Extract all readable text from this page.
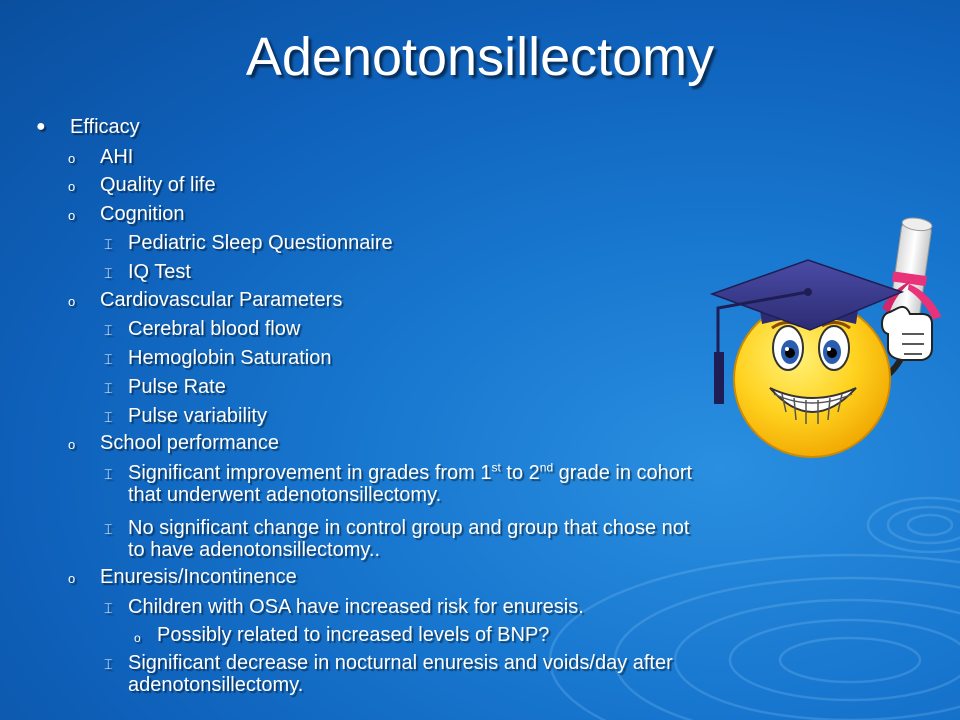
Adenotonsillectomy
● Efficacy
o AHI
o Quality of life
o Cognition
⌶ Pediatric Sleep Questionnaire
⌶ IQ Test
o Cardiovascular Parameters
⌶ Cerebral blood flow
⌶ Hemoglobin Saturation
⌶ Pulse Rate
⌶ Pulse variability
o School performance
⌶ Significant improvement in grades from 1st to 2nd grade in cohort that underwent adenotonsillectomy.
⌶ No significant change in control group and group that chose not to have adenotonsillectomy..
o Enuresis/Incontinence
⌶ Children with OSA have increased risk for enuresis.
o Possibly related to increased levels of BNP?
⌶ Significant decrease in nocturnal enuresis and voids/day after adenotonsillectomy.
